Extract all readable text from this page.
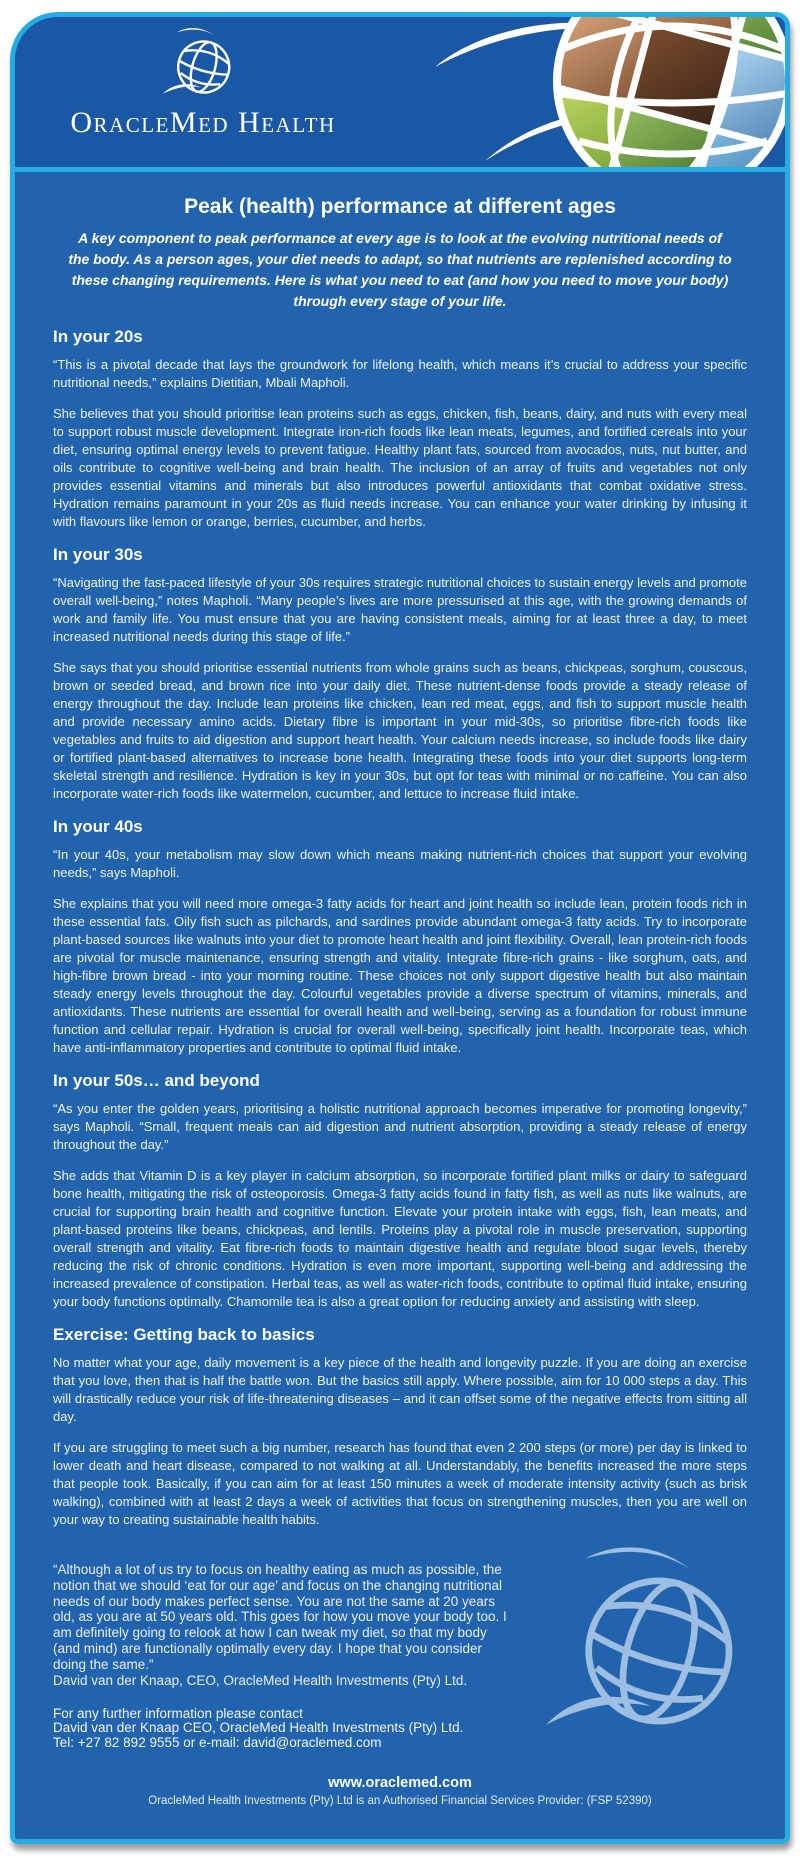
OracleMed Health
Peak (health) performance at different ages
A key component to peak performance at every age is to look at the evolving nutritional needs of
the body. As a person ages, your diet needs to adapt, so that nutrients are replenished according to
these changing requirements. Here is what you need to eat (and how you need to move your body)
through every stage of your life.
In your 20s

“This is a pivotal decade that lays the groundwork for lifelong health, which means it’s crucial to address your specific nutritional needs,” explains Dietitian, Mbali Mapholi.

She believes that you should prioritise lean proteins such as eggs, chicken, fish, beans, dairy, and nuts with every meal to support robust muscle development. Integrate iron-rich foods like lean meats, legumes, and fortified cereals into your diet, ensuring optimal energy levels to prevent fatigue. Healthy plant fats, sourced from avocados, nuts, nut butter, and oils contribute to cognitive well-being and brain health. The inclusion of an array of fruits and vegetables not only provides essential vitamins and minerals but also introduces powerful antioxidants that combat oxidative stress. Hydration remains paramount in your 20s as fluid needs increase. You can enhance your water drinking by infusing it with flavours like lemon or orange, berries, cucumber, and herbs.

In your 30s

“Navigating the fast-paced lifestyle of your 30s requires strategic nutritional choices to sustain energy levels and promote overall well-being,” notes Mapholi. “Many people’s lives are more pressurised at this age, with the growing demands of work and family life. You must ensure that you are having consistent meals, aiming for at least three a day, to meet increased nutritional needs during this stage of life.”

She says that you should prioritise essential nutrients from whole grains such as beans, chickpeas, sorghum, couscous, brown or seeded bread, and brown rice into your daily diet. These nutrient-dense foods provide a steady release of energy throughout the day. Include lean proteins like chicken, lean red meat, eggs, and fish to support muscle health and provide necessary amino acids. Dietary fibre is important in your mid-30s, so prioritise fibre-rich foods like vegetables and fruits to aid digestion and support heart health. Your calcium needs increase, so include foods like dairy or fortified plant-based alternatives to increase bone health. Integrating these foods into your diet supports long-term skeletal strength and resilience. Hydration is key in your 30s, but opt for teas with minimal or no caffeine. You can also incorporate water-rich foods like watermelon, cucumber, and lettuce to increase fluid intake.

In your 40s

“In your 40s, your metabolism may slow down which means making nutrient-rich choices that support your evolving needs,” says Mapholi.

She explains that you will need more omega-3 fatty acids for heart and joint health so include lean, protein foods rich in these essential fats. Oily fish such as pilchards, and sardines provide abundant omega-3 fatty acids. Try to incorporate plant-based sources like walnuts into your diet to promote heart health and joint flexibility. Overall, lean protein-rich foods are pivotal for muscle maintenance, ensuring strength and vitality. Integrate fibre-rich grains - like sorghum, oats, and high-fibre brown bread - into your morning routine. These choices not only support digestive health but also maintain steady energy levels throughout the day. Colourful vegetables provide a diverse spectrum of vitamins, minerals, and antioxidants. These nutrients are essential for overall health and well-being, serving as a foundation for robust immune function and cellular repair. Hydration is crucial for overall well-being, specifically joint health. Incorporate teas, which have anti-inflammatory properties and contribute to optimal fluid intake.

In your 50s… and beyond

“As you enter the golden years, prioritising a holistic nutritional approach becomes imperative for promoting longevity,” says Mapholi. “Small, frequent meals can aid digestion and nutrient absorption, providing a steady release of energy throughout the day.”

She adds that Vitamin D is a key player in calcium absorption, so incorporate fortified plant milks or dairy to safeguard bone health, mitigating the risk of osteoporosis. Omega-3 fatty acids found in fatty fish, as well as nuts like walnuts, are crucial for supporting brain health and cognitive function. Elevate your protein intake with eggs, fish, lean meats, and plant-based proteins like beans, chickpeas, and lentils. Proteins play a pivotal role in muscle preservation, supporting overall strength and vitality. Eat fibre-rich foods to maintain digestive health and regulate blood sugar levels, thereby reducing the risk of chronic conditions. Hydration is even more important, supporting well-being and addressing the increased prevalence of constipation. Herbal teas, as well as water-rich foods, contribute to optimal fluid intake, ensuring your body functions optimally. Chamomile tea is also a great option for reducing anxiety and assisting with sleep.

Exercise: Getting back to basics

No matter what your age, daily movement is a key piece of the health and longevity puzzle. If you are doing an exercise that you love, then that is half the battle won. But the basics still apply. Where possible, aim for 10 000 steps a day. This will drastically reduce your risk of life-threatening diseases – and it can offset some of the negative effects from sitting all day.

If you are struggling to meet such a big number, research has found that even 2 200 steps (or more) per day is linked to lower death and heart disease, compared to not walking at all. Understandably, the benefits increased the more steps that people took. Basically, if you can aim for at least 150 minutes a week of moderate intensity activity (such as brisk walking), combined with at least 2 days a week of activities that focus on strengthening muscles, then you are well on your way to creating sustainable health habits.

“Although a lot of us try to focus on healthy eating as much as possible, the notion that we should ‘eat for our age’ and focus on the changing nutritional needs of our body makes perfect sense. You are not the same at 20 years old, as you are at 50 years old. This goes for how you move your body too. I am definitely going to relook at how I can tweak my diet, so that my body (and mind) are functionally optimally every day. I hope that you consider doing the same.”
David van der Knaap, CEO, OracleMed Health Investments (Pty) Ltd.
For any further information please contact
David van der Knaap CEO, OracleMed Health Investments (Pty) Ltd.
Tel: +27 82 892 9555 or e-mail: david@oraclemed.com
www.oraclemed.com
OracleMed Health Investments (Pty) Ltd is an Authorised Financial Services Provider: (FSP 52390)
